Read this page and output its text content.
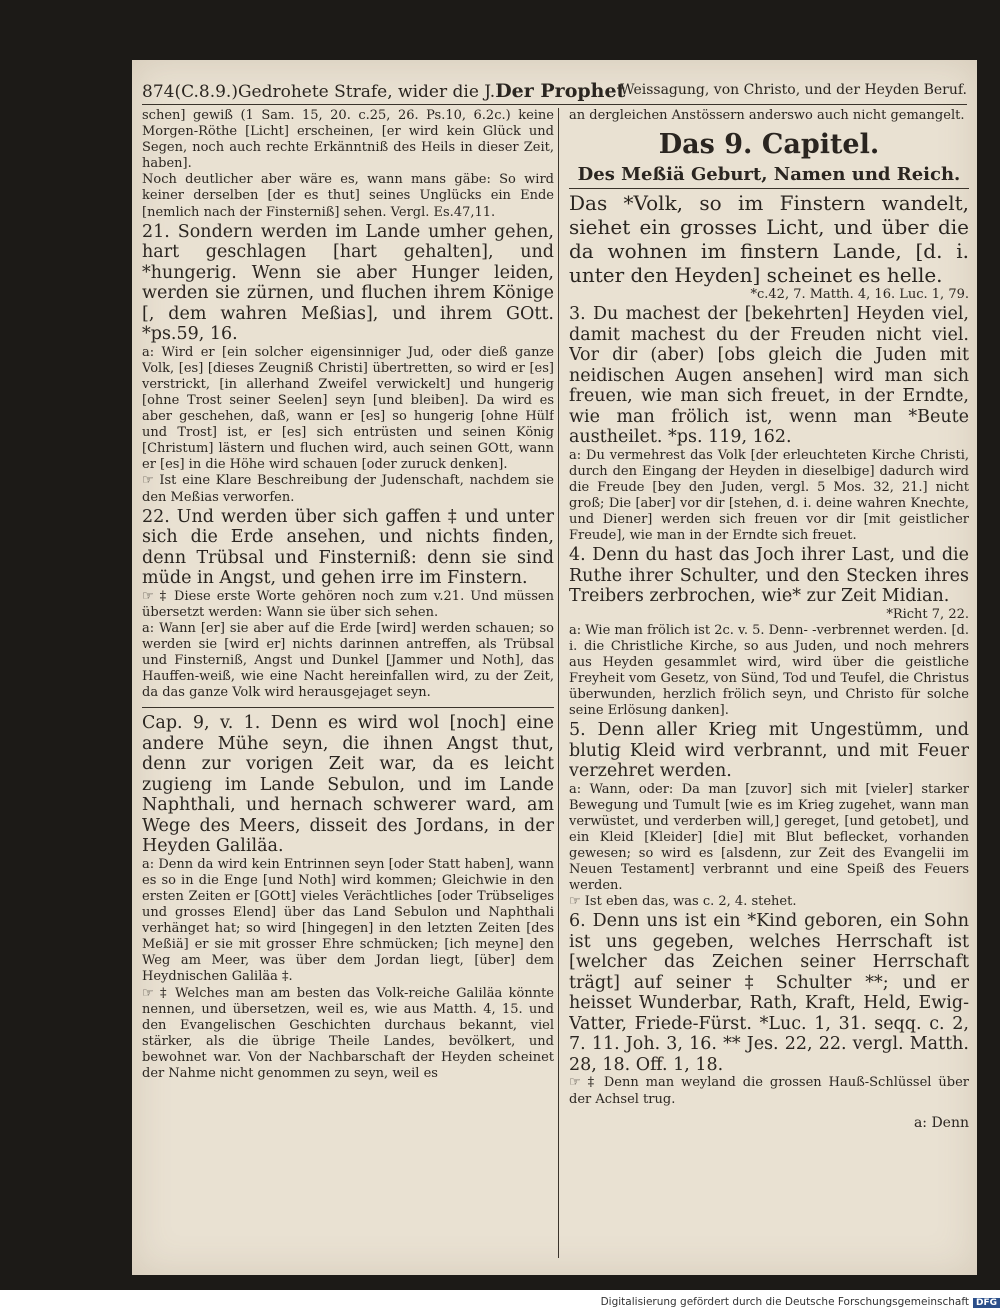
874(C.8.9.)Gedrohete Strafe, wider die J.Der Prophet
Weissagung, von Christo, und der Heyden Beruf.

schen] gewiß (1 Sam. 15, 20. c.25, 26. Ps.10, 6.2c.) keine Morgen-Röthe [Licht] erscheinen, [er wird kein Glück und Segen, noch auch rechte Erkänntniß des Heils in dieser Zeit, haben].

Noch deutlicher aber wäre es, wann mans gäbe: So wird keiner derselben [der es thut] seines Unglücks ein Ende [nemlich nach der Finsterniß] sehen. Vergl. Es.47,11.

21. Sondern werden im Lande umher gehen, hart geschlagen [hart gehalten], und *hungerig. Wenn sie aber Hunger leiden, werden sie zürnen, und fluchen ihrem Könige [, dem wahren Meßias], und ihrem GOtt. *ps.59, 16.

a: Wird er [ein solcher eigensinniger Jud, oder dieß ganze Volk, [es] [dieses Zeugniß Christi] übertretten, so wird er [es] verstrickt, [in allerhand Zweifel verwickelt] und hungerig [ohne Trost seiner Seelen] seyn [und bleiben]. Da wird es aber geschehen, daß, wann er [es] so hungerig [ohne Hülf und Trost] ist, er [es] sich entrüsten und seinen König [Christum] lästern und fluchen wird, auch seinen GOtt, wann er [es] in die Höhe wird schauen [oder zuruck denken].

☞ Ist eine Klare Beschreibung der Judenschaft, nachdem sie den Meßias verworfen.

22. Und werden über sich gaffen ‡ und unter sich die Erde ansehen, und nichts finden, denn Trübsal und Finsterniß: denn sie sind müde in Angst, und gehen irre im Finstern.

☞ ‡ Diese erste Worte gehören noch zum v.21. Und müssen übersetzt werden: Wann sie über sich sehen.

a: Wann [er] sie aber auf die Erde [wird] werden schauen; so werden sie [wird er] nichts darinnen antreffen, als Trübsal und Finsterniß, Angst und Dunkel [Jammer und Noth], das Hauffen-weiß, wie eine Nacht hereinfallen wird, zu der Zeit, da das ganze Volk wird herausgejaget seyn.

Cap. 9, v. 1. Denn es wird wol [noch] eine andere Mühe seyn, die ihnen Angst thut, denn zur vorigen Zeit war, da es leicht zugieng im Lande Sebulon, und im Lande Naphthali, und hernach schwerer ward, am Wege des Meers, disseit des Jordans, in der Heyden Galiläa.

a: Denn da wird kein Entrinnen seyn [oder Statt haben], wann es so in die Enge [und Noth] wird kommen; Gleichwie in den ersten Zeiten er [GOtt] vieles Verächtliches [oder Trübseliges und grosses Elend] über das Land Sebulon und Naphthali verhänget hat; so wird [hingegen] in den letzten Zeiten [des Meßiä] er sie mit grosser Ehre schmücken; [ich meyne] den Weg am Meer, was über dem Jordan liegt, [über] dem Heydnischen Galiläa ‡.

☞ ‡ Welches man am besten das Volk-reiche Galiläa könnte nennen, und übersetzen, weil es, wie aus Matth. 4, 15. und den Evangelischen Geschichten durchaus bekannt, viel stärker, als die übrige Theile Landes, bevölkert, und bewohnet war. Von der Nachbarschaft der Heyden scheinet der Nahme nicht genommen zu seyn, weil es

an dergleichen Anstössern anderswo auch nicht gemangelt.

Das 9. Capitel.
Des Meßiä Geburt, Namen und Reich.

Das *Volk, so im Finstern wandelt, siehet ein grosses Licht, und über die da wohnen im finstern Lande, [d. i. unter den Heyden] scheinet es helle.

*c.42, 7. Matth. 4, 16. Luc. 1, 79.

3. Du machest der [bekehrten] Heyden viel, damit machest du der Freuden nicht viel. Vor dir (aber) [obs gleich die Juden mit neidischen Augen ansehen] wird man sich freuen, wie man sich freuet, in der Erndte, wie man frölich ist, wenn man *Beute austheilet. *ps. 119, 162.

a: Du vermehrest das Volk [der erleuchteten Kirche Christi, durch den Eingang der Heyden in dieselbige] dadurch wird die Freude [bey den Juden, vergl. 5 Mos. 32, 21.] nicht groß; Die [aber] vor dir [stehen, d. i. deine wahren Knechte, und Diener] werden sich freuen vor dir [mit geistlicher Freude], wie man in der Erndte sich freuet.

4. Denn du hast das Joch ihrer Last, und die Ruthe ihrer Schulter, und den Stecken ihres Treibers zerbrochen, wie* zur Zeit Midian.

*Richt 7, 22.

a: Wie man frölich ist 2c. v. 5. Denn- -verbrennet werden. [d. i. die Christliche Kirche, so aus Juden, und noch mehrers aus Heyden gesammlet wird, wird über die geistliche Freyheit vom Gesetz, von Sünd, Tod und Teufel, die Christus überwunden, herzlich frölich seyn, und Christo für solche seine Erlösung danken].

5. Denn aller Krieg mit Ungestümm, und blutig Kleid wird verbrannt, und mit Feuer verzehret werden.

a: Wann, oder: Da man [zuvor] sich mit [vieler] starker Bewegung und Tumult [wie es im Krieg zugehet, wann man verwüstet, und verderben will,] gereget, [und getobet], und ein Kleid [Kleider] [die] mit Blut beflecket, vorhanden gewesen; so wird es [alsdenn, zur Zeit des Evangelii im Neuen Testament] verbrannt und eine Speiß des Feuers werden.

☞ Ist eben das, was c. 2, 4. stehet.

6. Denn uns ist ein *Kind geboren, ein Sohn ist uns gegeben, welches Herrschaft ist [welcher das Zeichen seiner Herrschaft trägt] auf seiner ‡ Schulter **; und er heisset Wunderbar, Rath, Kraft, Held, Ewig-Vatter, Friede-Fürst. *Luc. 1, 31. seqq. c. 2, 7. 11. Joh. 3, 16. ** Jes. 22, 22. vergl. Matth. 28, 18. Off. 1, 18.

☞ ‡ Denn man weyland die grossen Hauß-Schlüssel über der Achsel trug.

a: Denn
Digitalisierung gefördert durch die Deutsche Forschungsgemeinschaft DFG
